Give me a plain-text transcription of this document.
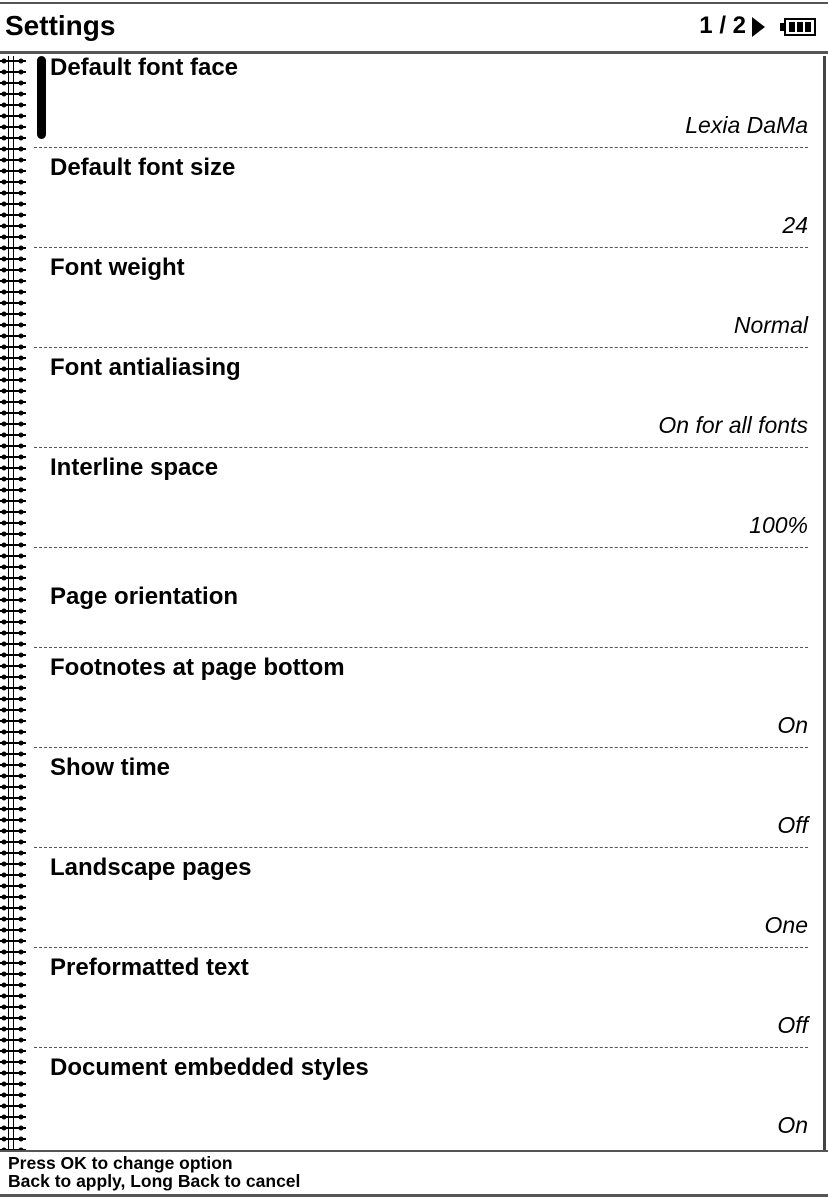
Settings	1 / 2
Default font face
Lexia DaMa
Default font size
24
Font weight
Normal
Font antialiasing
On for all fonts
Interline space
100%
Page orientation
Footnotes at page bottom
On
Show time
Off
Landscape pages
One
Preformatted text
Off
Document embedded styles
On
Press OK to change option
Back to apply, Long Back to cancel
